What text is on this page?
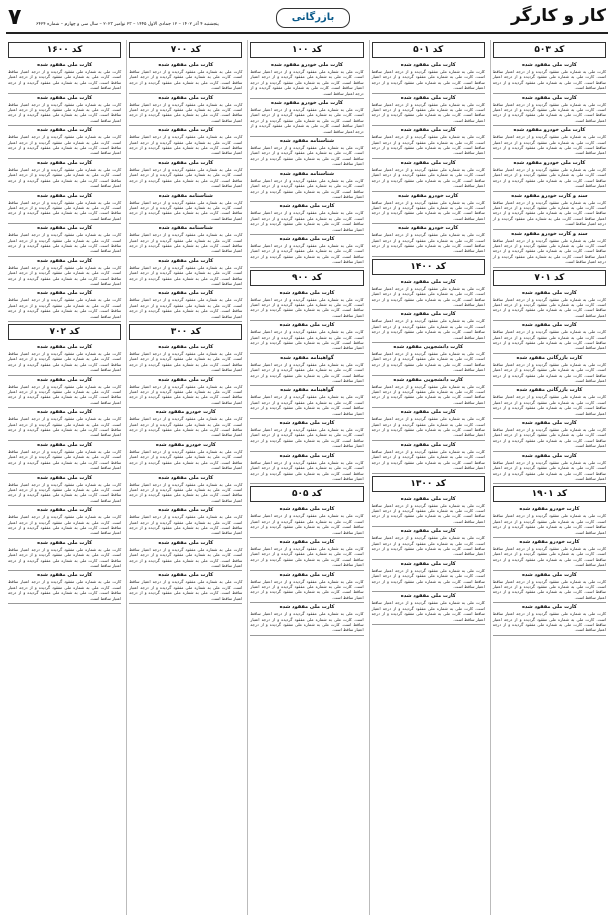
کار و کارگر
بازرگانی
۷	پنجشنبه ۴ آذر ۱۴۰۲ – ۱۲ جمادی الاول ۱۴۴۵ – ۲۳ نوامبر ۲۰۲۳ – سال سی و چهارم – شماره ۶۴۲۴
کد ۵۰۳
کارت ملی مفقود شده
کارت ملی به شماره ملی مفقود گردیده و از درجه اعتبار ساقط است. کارت ملی به شماره ملی مفقود گردیده و از درجه اعتبار ساقط است. کارت ملی به شماره ملی مفقود گردیده و از درجه اعتبار ساقط است.
کارت ملی مفقود شده
کارت ملی به شماره ملی مفقود گردیده و از درجه اعتبار ساقط است. کارت ملی به شماره ملی مفقود گردیده و از درجه اعتبار ساقط است. کارت ملی به شماره ملی مفقود گردیده و از درجه اعتبار ساقط است.
کارت ملی خودرو مفقود شده
کارت ملی به شماره ملی مفقود گردیده و از درجه اعتبار ساقط است. کارت ملی به شماره ملی مفقود گردیده و از درجه اعتبار ساقط است. کارت ملی به شماره ملی مفقود گردیده و از درجه اعتبار ساقط است.
کارت ملی خودرو مفقود شده
کارت ملی به شماره ملی مفقود گردیده و از درجه اعتبار ساقط است. کارت ملی به شماره ملی مفقود گردیده و از درجه اعتبار ساقط است. کارت ملی به شماره ملی مفقود گردیده و از درجه اعتبار ساقط است.
سند و کارت خودرو مفقود شده
کارت ملی به شماره ملی مفقود گردیده و از درجه اعتبار ساقط است. کارت ملی به شماره ملی مفقود گردیده و از درجه اعتبار ساقط است. کارت ملی به شماره ملی مفقود گردیده و از درجه اعتبار ساقط است. کارت ملی به شماره ملی مفقود گردیده و از درجه اعتبار ساقط است.
سند و کارت خودرو مفقود شده
کارت ملی به شماره ملی مفقود گردیده و از درجه اعتبار ساقط است. کارت ملی به شماره ملی مفقود گردیده و از درجه اعتبار ساقط است. کارت ملی به شماره ملی مفقود گردیده و از درجه اعتبار ساقط است. کارت ملی به شماره ملی مفقود گردیده و از درجه اعتبار ساقط است.
کد ۷۰۱
کارت ملی مفقود شده
کارت ملی به شماره ملی مفقود گردیده و از درجه اعتبار ساقط است. کارت ملی به شماره ملی مفقود گردیده و از درجه اعتبار ساقط است. کارت ملی به شماره ملی مفقود گردیده و از درجه اعتبار ساقط است.
کارت ملی مفقود شده
کارت ملی به شماره ملی مفقود گردیده و از درجه اعتبار ساقط است. کارت ملی به شماره ملی مفقود گردیده و از درجه اعتبار ساقط است. کارت ملی به شماره ملی مفقود گردیده و از درجه اعتبار ساقط است.
کارت بازرگانی مفقود شده
کارت ملی به شماره ملی مفقود گردیده و از درجه اعتبار ساقط است. کارت ملی به شماره ملی مفقود گردیده و از درجه اعتبار ساقط است. کارت ملی به شماره ملی مفقود گردیده و از درجه اعتبار ساقط است.
کارت بازرگانی مفقود شده
کارت ملی به شماره ملی مفقود گردیده و از درجه اعتبار ساقط است. کارت ملی به شماره ملی مفقود گردیده و از درجه اعتبار ساقط است. کارت ملی به شماره ملی مفقود گردیده و از درجه اعتبار ساقط است.
کارت ملی مفقود شده
کارت ملی به شماره ملی مفقود گردیده و از درجه اعتبار ساقط است. کارت ملی به شماره ملی مفقود گردیده و از درجه اعتبار ساقط است. کارت ملی به شماره ملی مفقود گردیده و از درجه اعتبار ساقط است.
کارت ملی مفقود شده
کارت ملی به شماره ملی مفقود گردیده و از درجه اعتبار ساقط است. کارت ملی به شماره ملی مفقود گردیده و از درجه اعتبار ساقط است. کارت ملی به شماره ملی مفقود گردیده و از درجه اعتبار ساقط است.
کد ۱۹۰۱
کارت خودرو مفقود شده
کارت ملی به شماره ملی مفقود گردیده و از درجه اعتبار ساقط است. کارت ملی به شماره ملی مفقود گردیده و از درجه اعتبار ساقط است. کارت ملی به شماره ملی مفقود گردیده و از درجه اعتبار ساقط است.
کارت خودرو مفقود شده
کارت ملی به شماره ملی مفقود گردیده و از درجه اعتبار ساقط است. کارت ملی به شماره ملی مفقود گردیده و از درجه اعتبار ساقط است. کارت ملی به شماره ملی مفقود گردیده و از درجه اعتبار ساقط است.
کارت ملی مفقود شده
کارت ملی به شماره ملی مفقود گردیده و از درجه اعتبار ساقط است. کارت ملی به شماره ملی مفقود گردیده و از درجه اعتبار ساقط است. کارت ملی به شماره ملی مفقود گردیده و از درجه اعتبار ساقط است.
کارت ملی مفقود شده
کارت ملی به شماره ملی مفقود گردیده و از درجه اعتبار ساقط است. کارت ملی به شماره ملی مفقود گردیده و از درجه اعتبار ساقط است. کارت ملی به شماره ملی مفقود گردیده و از درجه اعتبار ساقط است.
کد ۵۰۱
کارت ملی مفقود شده
کارت ملی به شماره ملی مفقود گردیده و از درجه اعتبار ساقط است. کارت ملی به شماره ملی مفقود گردیده و از درجه اعتبار ساقط است. کارت ملی به شماره ملی مفقود گردیده و از درجه اعتبار ساقط است.
کارت ملی مفقود شده
کارت ملی به شماره ملی مفقود گردیده و از درجه اعتبار ساقط است. کارت ملی به شماره ملی مفقود گردیده و از درجه اعتبار ساقط است. کارت ملی به شماره ملی مفقود گردیده و از درجه اعتبار ساقط است.
کارت ملی مفقود شده
کارت ملی به شماره ملی مفقود گردیده و از درجه اعتبار ساقط است. کارت ملی به شماره ملی مفقود گردیده و از درجه اعتبار ساقط است. کارت ملی به شماره ملی مفقود گردیده و از درجه اعتبار ساقط است.
کارت ملی مفقود شده
کارت ملی به شماره ملی مفقود گردیده و از درجه اعتبار ساقط است. کارت ملی به شماره ملی مفقود گردیده و از درجه اعتبار ساقط است. کارت ملی به شماره ملی مفقود گردیده و از درجه اعتبار ساقط است.
کارت خودرو مفقود شده
کارت ملی به شماره ملی مفقود گردیده و از درجه اعتبار ساقط است. کارت ملی به شماره ملی مفقود گردیده و از درجه اعتبار ساقط است. کارت ملی به شماره ملی مفقود گردیده و از درجه اعتبار ساقط است.
کارت خودرو مفقود شده
کارت ملی به شماره ملی مفقود گردیده و از درجه اعتبار ساقط است. کارت ملی به شماره ملی مفقود گردیده و از درجه اعتبار ساقط است. کارت ملی به شماره ملی مفقود گردیده و از درجه اعتبار ساقط است.
کد ۱۴۰۰
کارت ملی مفقود شده
کارت ملی به شماره ملی مفقود گردیده و از درجه اعتبار ساقط است. کارت ملی به شماره ملی مفقود گردیده و از درجه اعتبار ساقط است. کارت ملی به شماره ملی مفقود گردیده و از درجه اعتبار ساقط است.
کارت ملی مفقود شده
کارت ملی به شماره ملی مفقود گردیده و از درجه اعتبار ساقط است. کارت ملی به شماره ملی مفقود گردیده و از درجه اعتبار ساقط است. کارت ملی به شماره ملی مفقود گردیده و از درجه اعتبار ساقط است.
کارت دانشجویی مفقود شده
کارت ملی به شماره ملی مفقود گردیده و از درجه اعتبار ساقط است. کارت ملی به شماره ملی مفقود گردیده و از درجه اعتبار ساقط است. کارت ملی به شماره ملی مفقود گردیده و از درجه اعتبار ساقط است.
کارت دانشجویی مفقود شده
کارت ملی به شماره ملی مفقود گردیده و از درجه اعتبار ساقط است. کارت ملی به شماره ملی مفقود گردیده و از درجه اعتبار ساقط است. کارت ملی به شماره ملی مفقود گردیده و از درجه اعتبار ساقط است.
کارت ملی مفقود شده
کارت ملی به شماره ملی مفقود گردیده و از درجه اعتبار ساقط است. کارت ملی به شماره ملی مفقود گردیده و از درجه اعتبار ساقط است. کارت ملی به شماره ملی مفقود گردیده و از درجه اعتبار ساقط است.
کارت ملی مفقود شده
کارت ملی به شماره ملی مفقود گردیده و از درجه اعتبار ساقط است. کارت ملی به شماره ملی مفقود گردیده و از درجه اعتبار ساقط است. کارت ملی به شماره ملی مفقود گردیده و از درجه اعتبار ساقط است.
کد ۱۳۰۰
کارت ملی مفقود شده
کارت ملی به شماره ملی مفقود گردیده و از درجه اعتبار ساقط است. کارت ملی به شماره ملی مفقود گردیده و از درجه اعتبار ساقط است. کارت ملی به شماره ملی مفقود گردیده و از درجه اعتبار ساقط است.
کارت ملی مفقود شده
کارت ملی به شماره ملی مفقود گردیده و از درجه اعتبار ساقط است. کارت ملی به شماره ملی مفقود گردیده و از درجه اعتبار ساقط است. کارت ملی به شماره ملی مفقود گردیده و از درجه اعتبار ساقط است.
کارت ملی مفقود شده
کارت ملی به شماره ملی مفقود گردیده و از درجه اعتبار ساقط است. کارت ملی به شماره ملی مفقود گردیده و از درجه اعتبار ساقط است. کارت ملی به شماره ملی مفقود گردیده و از درجه اعتبار ساقط است.
کارت ملی مفقود شده
کارت ملی به شماره ملی مفقود گردیده و از درجه اعتبار ساقط است. کارت ملی به شماره ملی مفقود گردیده و از درجه اعتبار ساقط است. کارت ملی به شماره ملی مفقود گردیده و از درجه اعتبار ساقط است.
کد ۱۰۰
کارت ملی خودرو مفقود شده
کارت ملی به شماره ملی مفقود گردیده و از درجه اعتبار ساقط است. کارت ملی به شماره ملی مفقود گردیده و از درجه اعتبار ساقط است. کارت ملی به شماره ملی مفقود گردیده و از درجه اعتبار ساقط است. کارت ملی به شماره ملی مفقود گردیده و از درجه اعتبار ساقط است.
کارت ملی خودرو مفقود شده
کارت ملی به شماره ملی مفقود گردیده و از درجه اعتبار ساقط است. کارت ملی به شماره ملی مفقود گردیده و از درجه اعتبار ساقط است. کارت ملی به شماره ملی مفقود گردیده و از درجه اعتبار ساقط است. کارت ملی به شماره ملی مفقود گردیده و از درجه اعتبار ساقط است.
شناسنامه مفقود شده
کارت ملی به شماره ملی مفقود گردیده و از درجه اعتبار ساقط است. کارت ملی به شماره ملی مفقود گردیده و از درجه اعتبار ساقط است. کارت ملی به شماره ملی مفقود گردیده و از درجه اعتبار ساقط است.
شناسنامه مفقود شده
کارت ملی به شماره ملی مفقود گردیده و از درجه اعتبار ساقط است. کارت ملی به شماره ملی مفقود گردیده و از درجه اعتبار ساقط است. کارت ملی به شماره ملی مفقود گردیده و از درجه اعتبار ساقط است.
کارت ملی مفقود شده
کارت ملی به شماره ملی مفقود گردیده و از درجه اعتبار ساقط است. کارت ملی به شماره ملی مفقود گردیده و از درجه اعتبار ساقط است. کارت ملی به شماره ملی مفقود گردیده و از درجه اعتبار ساقط است.
کارت ملی مفقود شده
کارت ملی به شماره ملی مفقود گردیده و از درجه اعتبار ساقط است. کارت ملی به شماره ملی مفقود گردیده و از درجه اعتبار ساقط است. کارت ملی به شماره ملی مفقود گردیده و از درجه اعتبار ساقط است.
کد ۹۰۰
کارت ملی مفقود شده
کارت ملی به شماره ملی مفقود گردیده و از درجه اعتبار ساقط است. کارت ملی به شماره ملی مفقود گردیده و از درجه اعتبار ساقط است. کارت ملی به شماره ملی مفقود گردیده و از درجه اعتبار ساقط است.
کارت ملی مفقود شده
کارت ملی به شماره ملی مفقود گردیده و از درجه اعتبار ساقط است. کارت ملی به شماره ملی مفقود گردیده و از درجه اعتبار ساقط است. کارت ملی به شماره ملی مفقود گردیده و از درجه اعتبار ساقط است.
گواهینامه مفقود شده
کارت ملی به شماره ملی مفقود گردیده و از درجه اعتبار ساقط است. کارت ملی به شماره ملی مفقود گردیده و از درجه اعتبار ساقط است. کارت ملی به شماره ملی مفقود گردیده و از درجه اعتبار ساقط است.
گواهینامه مفقود شده
کارت ملی به شماره ملی مفقود گردیده و از درجه اعتبار ساقط است. کارت ملی به شماره ملی مفقود گردیده و از درجه اعتبار ساقط است. کارت ملی به شماره ملی مفقود گردیده و از درجه اعتبار ساقط است.
کارت ملی مفقود شده
کارت ملی به شماره ملی مفقود گردیده و از درجه اعتبار ساقط است. کارت ملی به شماره ملی مفقود گردیده و از درجه اعتبار ساقط است. کارت ملی به شماره ملی مفقود گردیده و از درجه اعتبار ساقط است.
کارت ملی مفقود شده
کارت ملی به شماره ملی مفقود گردیده و از درجه اعتبار ساقط است. کارت ملی به شماره ملی مفقود گردیده و از درجه اعتبار ساقط است. کارت ملی به شماره ملی مفقود گردیده و از درجه اعتبار ساقط است.
کد ۵۰۵
کارت ملی مفقود شده
کارت ملی به شماره ملی مفقود گردیده و از درجه اعتبار ساقط است. کارت ملی به شماره ملی مفقود گردیده و از درجه اعتبار ساقط است. کارت ملی به شماره ملی مفقود گردیده و از درجه اعتبار ساقط است.
کارت ملی مفقود شده
کارت ملی به شماره ملی مفقود گردیده و از درجه اعتبار ساقط است. کارت ملی به شماره ملی مفقود گردیده و از درجه اعتبار ساقط است. کارت ملی به شماره ملی مفقود گردیده و از درجه اعتبار ساقط است.
کارت ملی مفقود شده
کارت ملی به شماره ملی مفقود گردیده و از درجه اعتبار ساقط است. کارت ملی به شماره ملی مفقود گردیده و از درجه اعتبار ساقط است. کارت ملی به شماره ملی مفقود گردیده و از درجه اعتبار ساقط است.
کارت ملی مفقود شده
کارت ملی به شماره ملی مفقود گردیده و از درجه اعتبار ساقط است. کارت ملی به شماره ملی مفقود گردیده و از درجه اعتبار ساقط است. کارت ملی به شماره ملی مفقود گردیده و از درجه اعتبار ساقط است.
کد ۷۰۰
کارت ملی مفقود شده
کارت ملی به شماره ملی مفقود گردیده و از درجه اعتبار ساقط است. کارت ملی به شماره ملی مفقود گردیده و از درجه اعتبار ساقط است. کارت ملی به شماره ملی مفقود گردیده و از درجه اعتبار ساقط است.
کارت ملی مفقود شده
کارت ملی به شماره ملی مفقود گردیده و از درجه اعتبار ساقط است. کارت ملی به شماره ملی مفقود گردیده و از درجه اعتبار ساقط است. کارت ملی به شماره ملی مفقود گردیده و از درجه اعتبار ساقط است.
کارت ملی مفقود شده
کارت ملی به شماره ملی مفقود گردیده و از درجه اعتبار ساقط است. کارت ملی به شماره ملی مفقود گردیده و از درجه اعتبار ساقط است. کارت ملی به شماره ملی مفقود گردیده و از درجه اعتبار ساقط است.
کارت ملی مفقود شده
کارت ملی به شماره ملی مفقود گردیده و از درجه اعتبار ساقط است. کارت ملی به شماره ملی مفقود گردیده و از درجه اعتبار ساقط است. کارت ملی به شماره ملی مفقود گردیده و از درجه اعتبار ساقط است.
شناسنامه مفقود شده
کارت ملی به شماره ملی مفقود گردیده و از درجه اعتبار ساقط است. کارت ملی به شماره ملی مفقود گردیده و از درجه اعتبار ساقط است. کارت ملی به شماره ملی مفقود گردیده و از درجه اعتبار ساقط است.
شناسنامه مفقود شده
کارت ملی به شماره ملی مفقود گردیده و از درجه اعتبار ساقط است. کارت ملی به شماره ملی مفقود گردیده و از درجه اعتبار ساقط است. کارت ملی به شماره ملی مفقود گردیده و از درجه اعتبار ساقط است.
کارت ملی مفقود شده
کارت ملی به شماره ملی مفقود گردیده و از درجه اعتبار ساقط است. کارت ملی به شماره ملی مفقود گردیده و از درجه اعتبار ساقط است. کارت ملی به شماره ملی مفقود گردیده و از درجه اعتبار ساقط است.
کارت ملی مفقود شده
کارت ملی به شماره ملی مفقود گردیده و از درجه اعتبار ساقط است. کارت ملی به شماره ملی مفقود گردیده و از درجه اعتبار ساقط است. کارت ملی به شماره ملی مفقود گردیده و از درجه اعتبار ساقط است.
کد ۳۰۰
کارت ملی مفقود شده
کارت ملی به شماره ملی مفقود گردیده و از درجه اعتبار ساقط است. کارت ملی به شماره ملی مفقود گردیده و از درجه اعتبار ساقط است. کارت ملی به شماره ملی مفقود گردیده و از درجه اعتبار ساقط است.
کارت ملی مفقود شده
کارت ملی به شماره ملی مفقود گردیده و از درجه اعتبار ساقط است. کارت ملی به شماره ملی مفقود گردیده و از درجه اعتبار ساقط است. کارت ملی به شماره ملی مفقود گردیده و از درجه اعتبار ساقط است.
کارت خودرو مفقود شده
کارت ملی به شماره ملی مفقود گردیده و از درجه اعتبار ساقط است. کارت ملی به شماره ملی مفقود گردیده و از درجه اعتبار ساقط است. کارت ملی به شماره ملی مفقود گردیده و از درجه اعتبار ساقط است.
کارت خودرو مفقود شده
کارت ملی به شماره ملی مفقود گردیده و از درجه اعتبار ساقط است. کارت ملی به شماره ملی مفقود گردیده و از درجه اعتبار ساقط است. کارت ملی به شماره ملی مفقود گردیده و از درجه اعتبار ساقط است.
کارت ملی مفقود شده
کارت ملی به شماره ملی مفقود گردیده و از درجه اعتبار ساقط است. کارت ملی به شماره ملی مفقود گردیده و از درجه اعتبار ساقط است. کارت ملی به شماره ملی مفقود گردیده و از درجه اعتبار ساقط است.
کارت ملی مفقود شده
کارت ملی به شماره ملی مفقود گردیده و از درجه اعتبار ساقط است. کارت ملی به شماره ملی مفقود گردیده و از درجه اعتبار ساقط است. کارت ملی به شماره ملی مفقود گردیده و از درجه اعتبار ساقط است.
کارت ملی مفقود شده
کارت ملی به شماره ملی مفقود گردیده و از درجه اعتبار ساقط است. کارت ملی به شماره ملی مفقود گردیده و از درجه اعتبار ساقط است. کارت ملی به شماره ملی مفقود گردیده و از درجه اعتبار ساقط است.
کارت ملی مفقود شده
کارت ملی به شماره ملی مفقود گردیده و از درجه اعتبار ساقط است. کارت ملی به شماره ملی مفقود گردیده و از درجه اعتبار ساقط است. کارت ملی به شماره ملی مفقود گردیده و از درجه اعتبار ساقط است.
کد ۱۶۰۰
کارت ملی مفقود شده
کارت ملی به شماره ملی مفقود گردیده و از درجه اعتبار ساقط است. کارت ملی به شماره ملی مفقود گردیده و از درجه اعتبار ساقط است. کارت ملی به شماره ملی مفقود گردیده و از درجه اعتبار ساقط است.
کارت ملی مفقود شده
کارت ملی به شماره ملی مفقود گردیده و از درجه اعتبار ساقط است. کارت ملی به شماره ملی مفقود گردیده و از درجه اعتبار ساقط است. کارت ملی به شماره ملی مفقود گردیده و از درجه اعتبار ساقط است.
کارت ملی مفقود شده
کارت ملی به شماره ملی مفقود گردیده و از درجه اعتبار ساقط است. کارت ملی به شماره ملی مفقود گردیده و از درجه اعتبار ساقط است. کارت ملی به شماره ملی مفقود گردیده و از درجه اعتبار ساقط است.
کارت ملی مفقود شده
کارت ملی به شماره ملی مفقود گردیده و از درجه اعتبار ساقط است. کارت ملی به شماره ملی مفقود گردیده و از درجه اعتبار ساقط است. کارت ملی به شماره ملی مفقود گردیده و از درجه اعتبار ساقط است.
کارت ملی مفقود شده
کارت ملی به شماره ملی مفقود گردیده و از درجه اعتبار ساقط است. کارت ملی به شماره ملی مفقود گردیده و از درجه اعتبار ساقط است. کارت ملی به شماره ملی مفقود گردیده و از درجه اعتبار ساقط است.
کارت ملی مفقود شده
کارت ملی به شماره ملی مفقود گردیده و از درجه اعتبار ساقط است. کارت ملی به شماره ملی مفقود گردیده و از درجه اعتبار ساقط است. کارت ملی به شماره ملی مفقود گردیده و از درجه اعتبار ساقط است.
کارت ملی مفقود شده
کارت ملی به شماره ملی مفقود گردیده و از درجه اعتبار ساقط است. کارت ملی به شماره ملی مفقود گردیده و از درجه اعتبار ساقط است. کارت ملی به شماره ملی مفقود گردیده و از درجه اعتبار ساقط است.
کارت ملی مفقود شده
کارت ملی به شماره ملی مفقود گردیده و از درجه اعتبار ساقط است. کارت ملی به شماره ملی مفقود گردیده و از درجه اعتبار ساقط است. کارت ملی به شماره ملی مفقود گردیده و از درجه اعتبار ساقط است.
کد ۷۰۲
کارت ملی مفقود شده
کارت ملی به شماره ملی مفقود گردیده و از درجه اعتبار ساقط است. کارت ملی به شماره ملی مفقود گردیده و از درجه اعتبار ساقط است. کارت ملی به شماره ملی مفقود گردیده و از درجه اعتبار ساقط است.
کارت ملی مفقود شده
کارت ملی به شماره ملی مفقود گردیده و از درجه اعتبار ساقط است. کارت ملی به شماره ملی مفقود گردیده و از درجه اعتبار ساقط است. کارت ملی به شماره ملی مفقود گردیده و از درجه اعتبار ساقط است.
کارت ملی مفقود شده
کارت ملی به شماره ملی مفقود گردیده و از درجه اعتبار ساقط است. کارت ملی به شماره ملی مفقود گردیده و از درجه اعتبار ساقط است. کارت ملی به شماره ملی مفقود گردیده و از درجه اعتبار ساقط است.
کارت ملی مفقود شده
کارت ملی به شماره ملی مفقود گردیده و از درجه اعتبار ساقط است. کارت ملی به شماره ملی مفقود گردیده و از درجه اعتبار ساقط است. کارت ملی به شماره ملی مفقود گردیده و از درجه اعتبار ساقط است.
کارت ملی مفقود شده
کارت ملی به شماره ملی مفقود گردیده و از درجه اعتبار ساقط است. کارت ملی به شماره ملی مفقود گردیده و از درجه اعتبار ساقط است. کارت ملی به شماره ملی مفقود گردیده و از درجه اعتبار ساقط است.
کارت ملی مفقود شده
کارت ملی به شماره ملی مفقود گردیده و از درجه اعتبار ساقط است. کارت ملی به شماره ملی مفقود گردیده و از درجه اعتبار ساقط است. کارت ملی به شماره ملی مفقود گردیده و از درجه اعتبار ساقط است.
کارت ملی مفقود شده
کارت ملی به شماره ملی مفقود گردیده و از درجه اعتبار ساقط است. کارت ملی به شماره ملی مفقود گردیده و از درجه اعتبار ساقط است. کارت ملی به شماره ملی مفقود گردیده و از درجه اعتبار ساقط است.
کارت ملی مفقود شده
کارت ملی به شماره ملی مفقود گردیده و از درجه اعتبار ساقط است. کارت ملی به شماره ملی مفقود گردیده و از درجه اعتبار ساقط است. کارت ملی به شماره ملی مفقود گردیده و از درجه اعتبار ساقط است.
